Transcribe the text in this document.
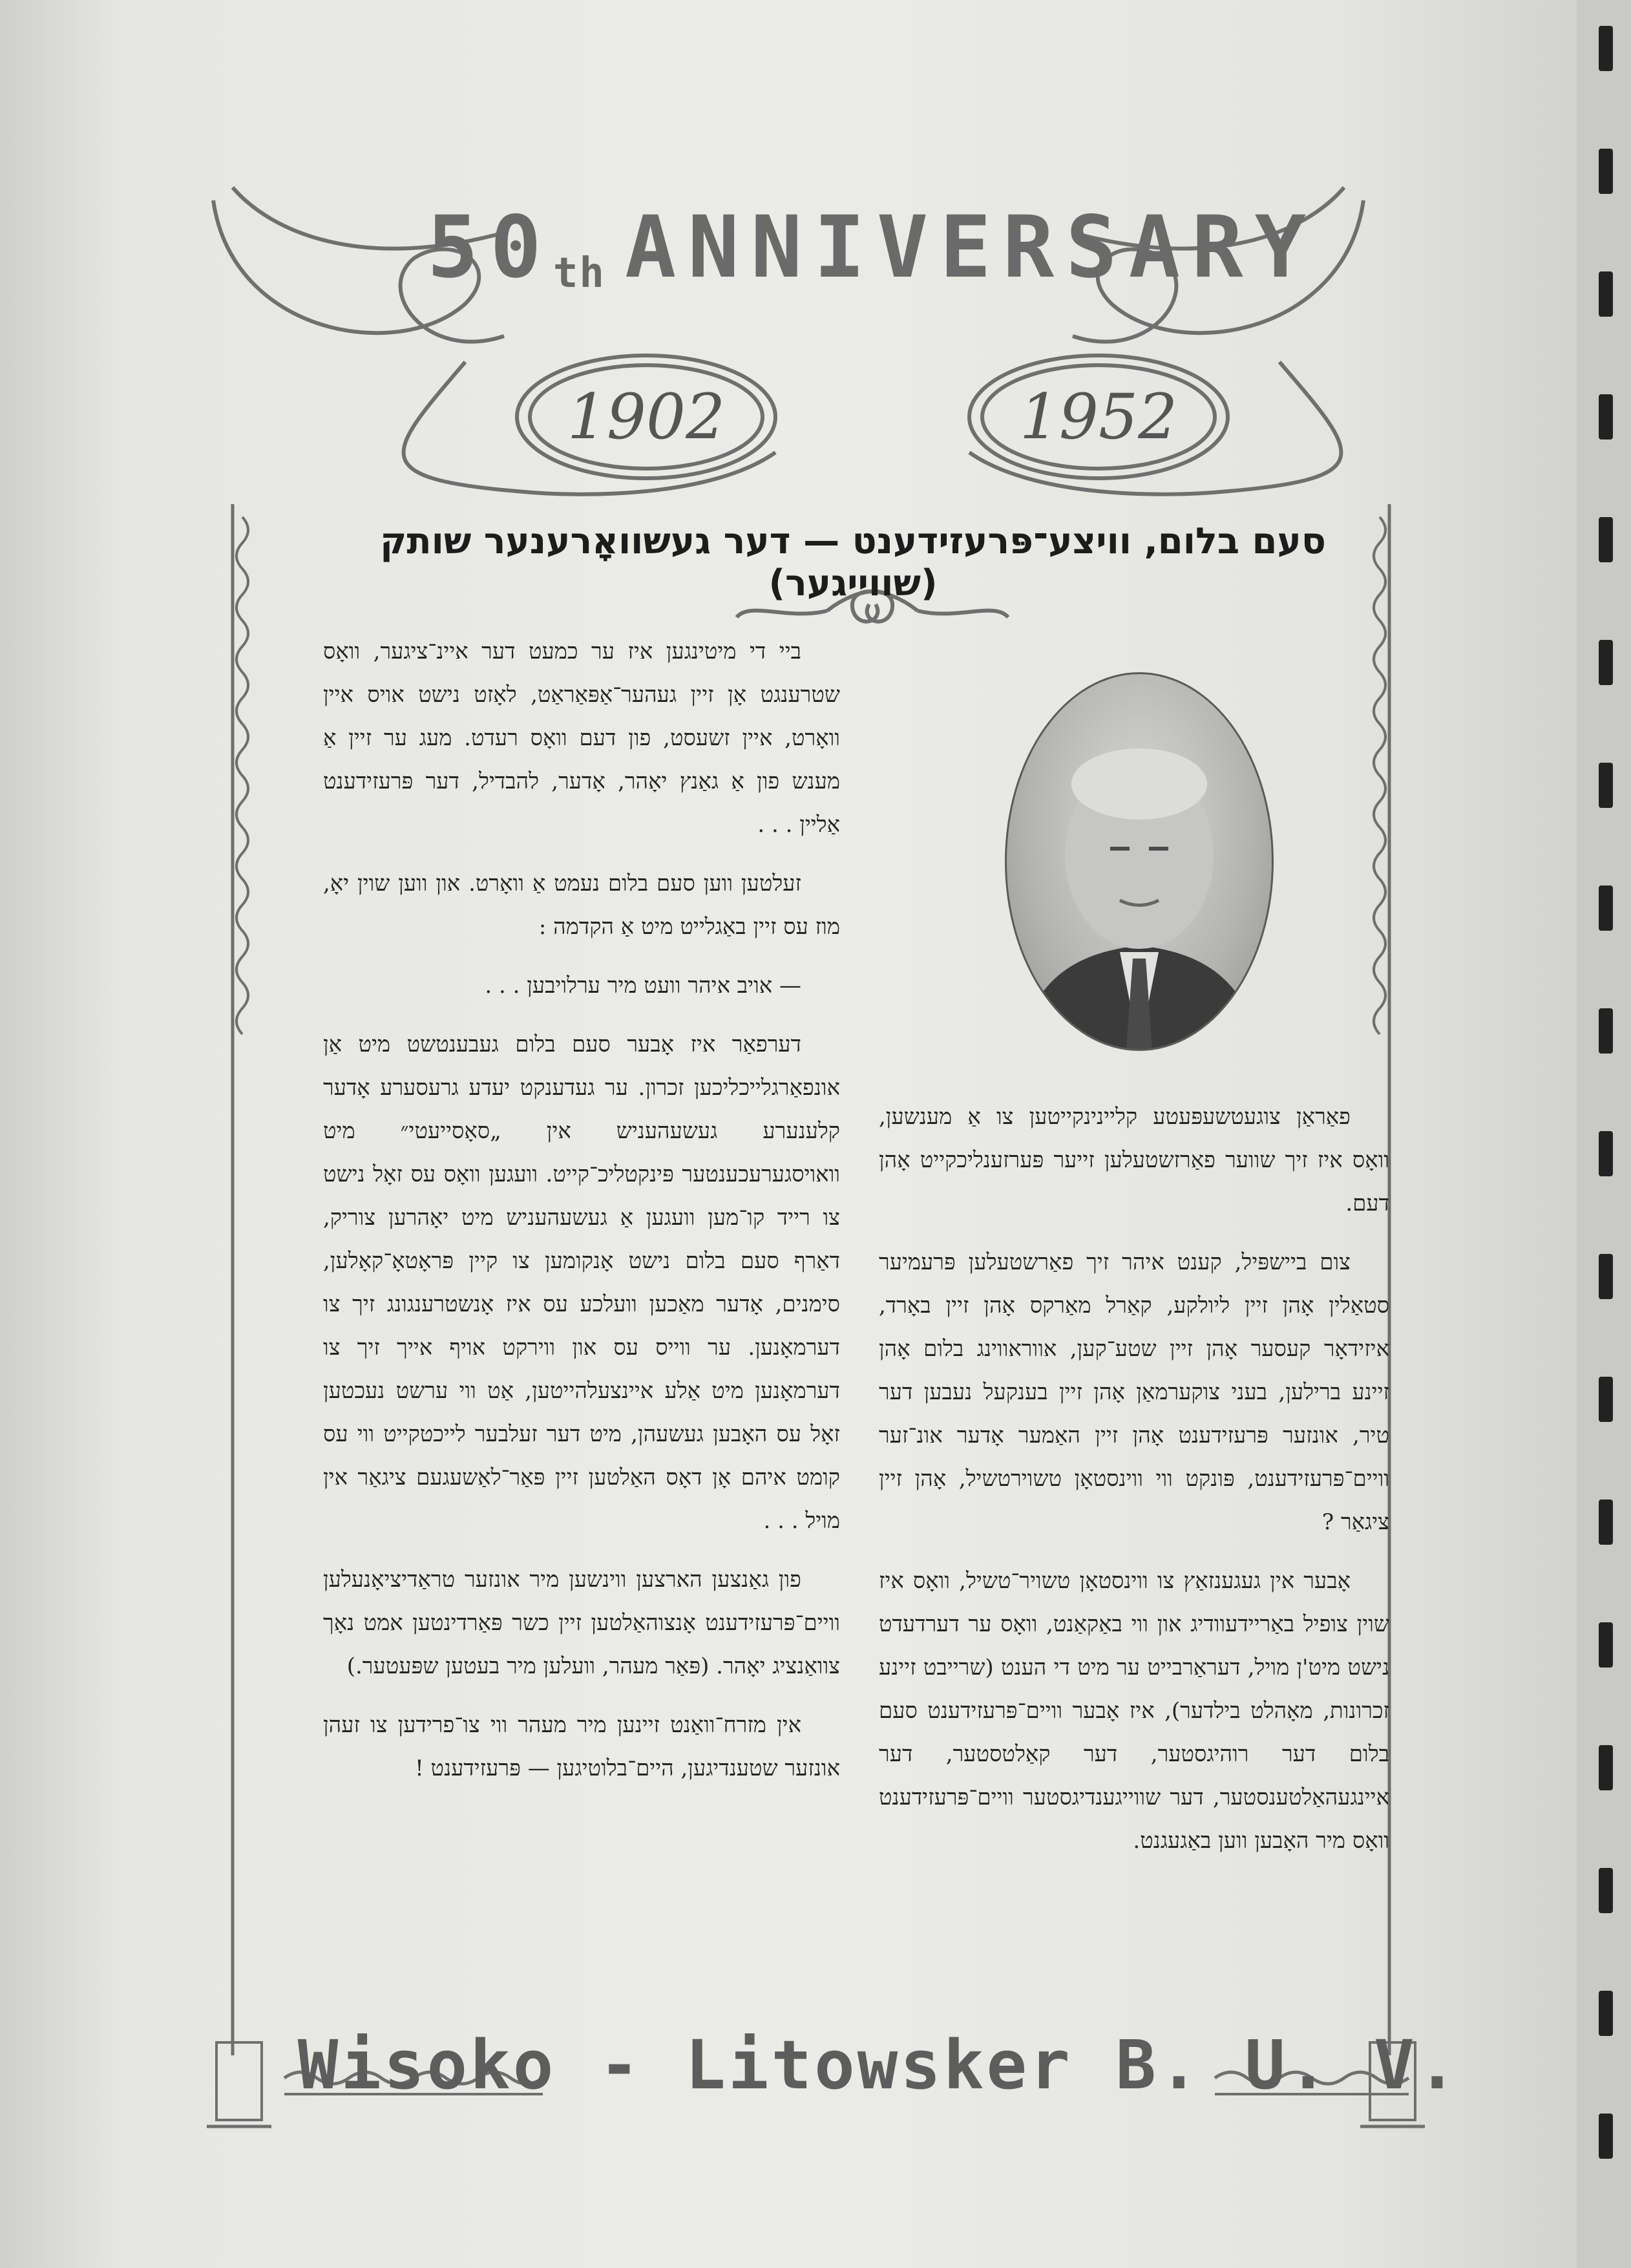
$50_{th}$ ANNIVERSARY
1902	1952
סעם בלום, וויצע־פּרעזידענט — דער געשוואָרענער שותק (שווייגער)

ביי די מיטינגען איז ער כמעט דער איינ־ציגער, וואָס שטרענגט אָן זיין געהער־אַפּאַראַט, לאָזט נישט אויס איין וואָרט, איין זשעסט, פון דעם וואָס רעדט. מעג ער זיין אַ מענש פון אַ גאַנץ יאָהר, אָדער, להבדיל, דער פּרעזידענט אַליין . . .

זעלטען ווען סעם בלום נעמט אַ וואָרט. און ווען שוין יאָ, מוז עס זיין באַגלייט מיט אַ הקדמה :

— אויב איהר וועט מיר ערלויבען . . .

דערפאַר איז אָבער סעם בלום געבענטשט מיט אַן אונפאַרגלייכליכען זכרון. ער געדענקט יעדע גרעסערע אָדער קלענערע געשעהעניש אין „סאָסייעטי״ מיט וואויסגערעכענטער פּינקטליכ־קייט. וועגען וואָס עס זאָל נישט צו רייד קו־מען וועגען אַ געשעהעניש מיט יאָהרען צוריק, דאַרף סעם בלום נישט אָנקומען צו קיין פּראָטאָ־קאָלען, סימנים, אָדער מאַכען וועלכע עס איז אָנשטרענגונג זיך צו דערמאָנען. ער ווייס עס און ווירקט אויף אייך זיך צו דערמאָנען מיט אַלע איינצעלהייטען, אַט ווי ערשט נעכטען זאָל עס האָבען געשעהן, מיט דער זעלבער לייכטקייט ווי עס קומט איהם אָן דאָס האַלטען זיין פּאַר־לאַשעגעם ציגאַר אין מויל . . .

פון גאַנצען הארצען ווינשען מיר אונזער טראַדיציאָנעלען וויים־פּרעזידענט אָנצוהאַלטען זיין כשר פּאַרדינטען אמט נאָך צוואַנציג יאָהר. (פּאַר מעהר, וועלען מיר בעטען שפּעטער.)

אין מזרח־וואַנט זיינען מיר מעהר ווי צו־פרידען צו זעהן אונזער שטענדיגען, היים־בלוטיגען — פּרעזידענט !

פאַראַן צוגעטשעפּעטע קליינינקייטען צו אַ מענשען, וואָס איז זיך שווער פאַרזשטעלען זייער פּערזענליכקייט אָהן דעם.

צום ביישפּיל, קענט איהר זיך פאַרשטעלען פּרעמיער סטאַלין אָהן זיין ליולקע, קאַרל מאַרקס אָהן זיין באָרד, איזידאָר קעסער אָהן זיין שטע־קען, אווראווינג בלום אָהן זיינע ברילען, בעני צוקערמאַן אָהן זיין בענקעל נעבען דער טיר, אונזער פּרעזידענט אָהן זיין האַמער אָדער אונ־זער וויים־פּרעזידענט, פּונקט ווי ווינסטאָן טשוירטשיל, אָהן זיין ציגאַר ?

אָבער אין געגענזאַץ צו ווינסטאָן טשויר־טשיל, וואָס איז שוין צופיל באַריידעוודיג און ווי באַקאַנט, וואָס ער דערדעדט נישט מיט'ן מויל, דעראַרבייט ער מיט די הענט (שרייבט זיינע זכרונות, מאָהלט בילדער), איז אָבער וויים־פּרעזידענט סעם בלום דער רוהיגסטער, דער קאַלטסטער, דער איינגעהאַלטענסטער, דער שווייגענדיגסטער וויים־פּרעזידענט וואָס מיר האָבען ווען באַגעגנט.

Wisoko - Litowsker B. U. V.
